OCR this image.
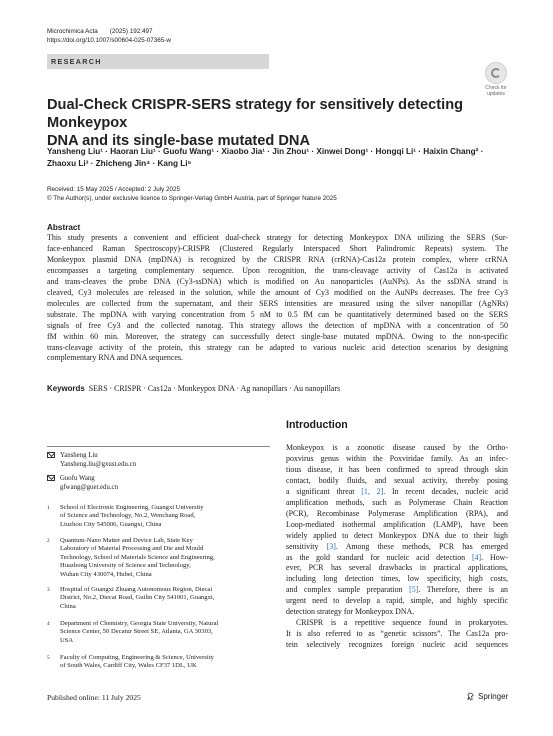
Microchimica Acta (2025) 192:497
https://doi.org/10.1007/s00604-025-07365-w
RESEARCH
Check for
updates
Dual-Check CRISPR-SERS strategy for sensitively detecting Monkeypox
DNA and its single-base mutated DNA
Yansheng Liu¹ · Haoran Liu¹ · Guofu Wang¹ · Xiaobo Jia¹ · Jin Zhou¹ · Xinwei Dong¹ · Hongqi Li¹ · Haixin Chang² ·
Zhaoxu Li³ · Zhicheng Jin⁴ · Kang Li⁵
Received: 15 May 2025 / Accepted: 2 July 2025
© The Author(s), under exclusive licence to Springer-Verlag GmbH Austria, part of Springer Nature 2025
Abstract
This study presents a convenient and efficient dual-check strategy for detecting Monkeypox DNA utilizing the SERS (Sur-
face-enhanced Raman Spectroscopy)-CRISPR (Clustered Regularly Interspaced Short Palindromic Repeats) system. The
Monkeypox plasmid DNA (mpDNA) is recognized by the CRISPR RNA (crRNA)-Cas12a protein complex, where crRNA
encompasses a targeting complementary sequence. Upon recognition, the trans-cleavage activity of Cas12a is activated
and trans-cleaves the probe DNA (Cy3-ssDNA) which is modified on Au nanoparticles (AuNPs). As the ssDNA strand is
cleaved, Cy3 molecules are released in the solution, while the amount of Cy3 modified on the AuNPs decreases. The free Cy3
molecules are collected from the supernatant, and their SERS intensities are measured using the silver nanopillar (AgNRs)
substrate. The mpDNA with varying concentration from 5 nM to 0.5 fM can be quantitatively determined based on the SERS
signals of free Cy3 and the collected nanotag. This strategy allows the detection of mpDNA with a concentration of 50
fM within 60 min. Moreover, the strategy can successfully detect single-base mutated mpDNA. Owing to the non-specific
trans-cleavage activity of the protein, this strategy can be adapted to various nucleic acid detection scenarios by designing
complementary RNA and DNA sequences.
Keywords SERS · CRISPR · Cas12a · Monkeypox DNA · Ag nanopillars · Au nanopillars
Yansheng Liu
Yansheng.liu@gxust.edu.cn
Guofu Wang
gfwang@guet.edu.cn
1 School of Electronic Engineering, Guangxi University
of Science and Technology, No.2, Wenchang Road,
Liuzhou City 545006, Guangxi, China
2 Quantum-Nano Matter and Device Lab, State Key
Laboratory of Material Processing and Die and Mould
Technology, School of Materials Science and Engineering,
Huazhong University of Science and Technology,
Wuhan City 430074, Hubei, China
3 Hospital of Guangxi Zhuang Autonomous Region, Diecai
District, No.2, Diecai Road, Guilin City 541001, Guangxi,
China
4 Department of Chemistry, Georgia State University, Natural
Science Center, 50 Decatur Street SE, Atlanta, GA 30303,
USA
5 Faculty of Computing, Engineering & Science, University
of South Wales, Cardiff City, Wales CF37 1DL, UK
Introduction
Monkeypox is a zoonotic disease caused by the Ortho-
poxvirus genus within the Poxviridae family. As an infec-
tious disease, it has been confirmed to spread through skin
contact, bodily fluids, and sexual activity, thereby posing
a significant threat [1, 2]. In recent decades, nucleic acid
amplification methods, such as Polymerase Chain Reaction
(PCR), Recombinase Polymerase Amplification (RPA), and
Loop-mediated isothermal amplification (LAMP), have been
widely applied to detect Monkeypox DNA due to their high
sensitivity [3]. Among these methods, PCR has emerged
as the gold standard for nucleic acid detection [4]. How-
ever, PCR has several drawbacks in practical applications,
including long detection times, low specificity, high costs,
and complex sample preparation [5]. Therefore, there is an
urgent need to develop a rapid, simple, and highly specific
detection strategy for Monkeypox DNA.
CRISPR is a repetitive sequence found in prokaryotes.
It is also referred to as “genetic scissors”. The Cas12a pro-
tein selectively recognizes foreign nucleic acid sequences
Published online: 11 July 2025	Springer
